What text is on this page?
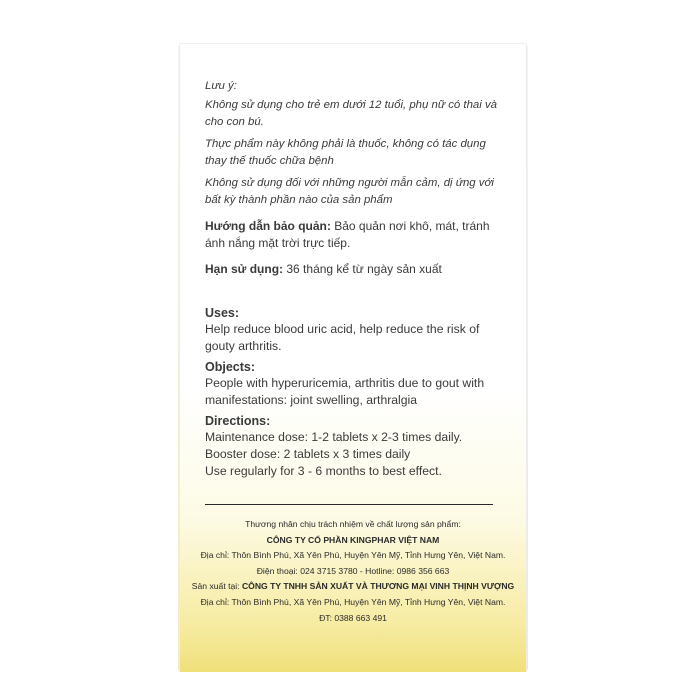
Lưu ý:

Không sử dụng cho trẻ em dưới 12 tuổi, phụ nữ có thai và cho con bú.

Thực phẩm này không phải là thuốc, không có tác dụng thay thế thuốc chữa bệnh

Không sử dụng đối với những người mẫn cảm, dị ứng với bất kỳ thành phần nào của sản phẩm

Hướng dẫn bảo quản: Bảo quản nơi khô, mát, tránh ánh nắng mặt trời trực tiếp.

Hạn sử dụng: 36 tháng kể từ ngày sản xuất

Uses:

Help reduce blood uric acid, help reduce the risk of gouty arthritis.

Objects:

People with hyperuricemia, arthritis due to gout with manifestations: joint swelling, arthralgia

Directions:

Maintenance dose: 1-2 tablets x 2-3 times daily.

Booster dose: 2 tablets x 3 times daily

Use regularly for 3 - 6 months to best effect.

Thương nhân chịu trách nhiệm về chất lượng sản phẩm:
CÔNG TY CỔ PHẦN KINGPHAR VIỆT NAM
Địa chỉ: Thôn Bình Phú, Xã Yên Phú, Huyện Yên Mỹ, Tỉnh Hưng Yên, Việt Nam.
Điện thoại: 024 3715 3780 - Hotline: 0986 356 663
Sản xuất tại: CÔNG TY TNHH SẢN XUẤT VÀ THƯƠNG MẠI VINH THỊNH VƯỢNG
Địa chỉ: Thôn Bình Phú, Xã Yên Phú, Huyện Yên Mỹ, Tỉnh Hưng Yên, Việt Nam.
ĐT: 0388 663 491
